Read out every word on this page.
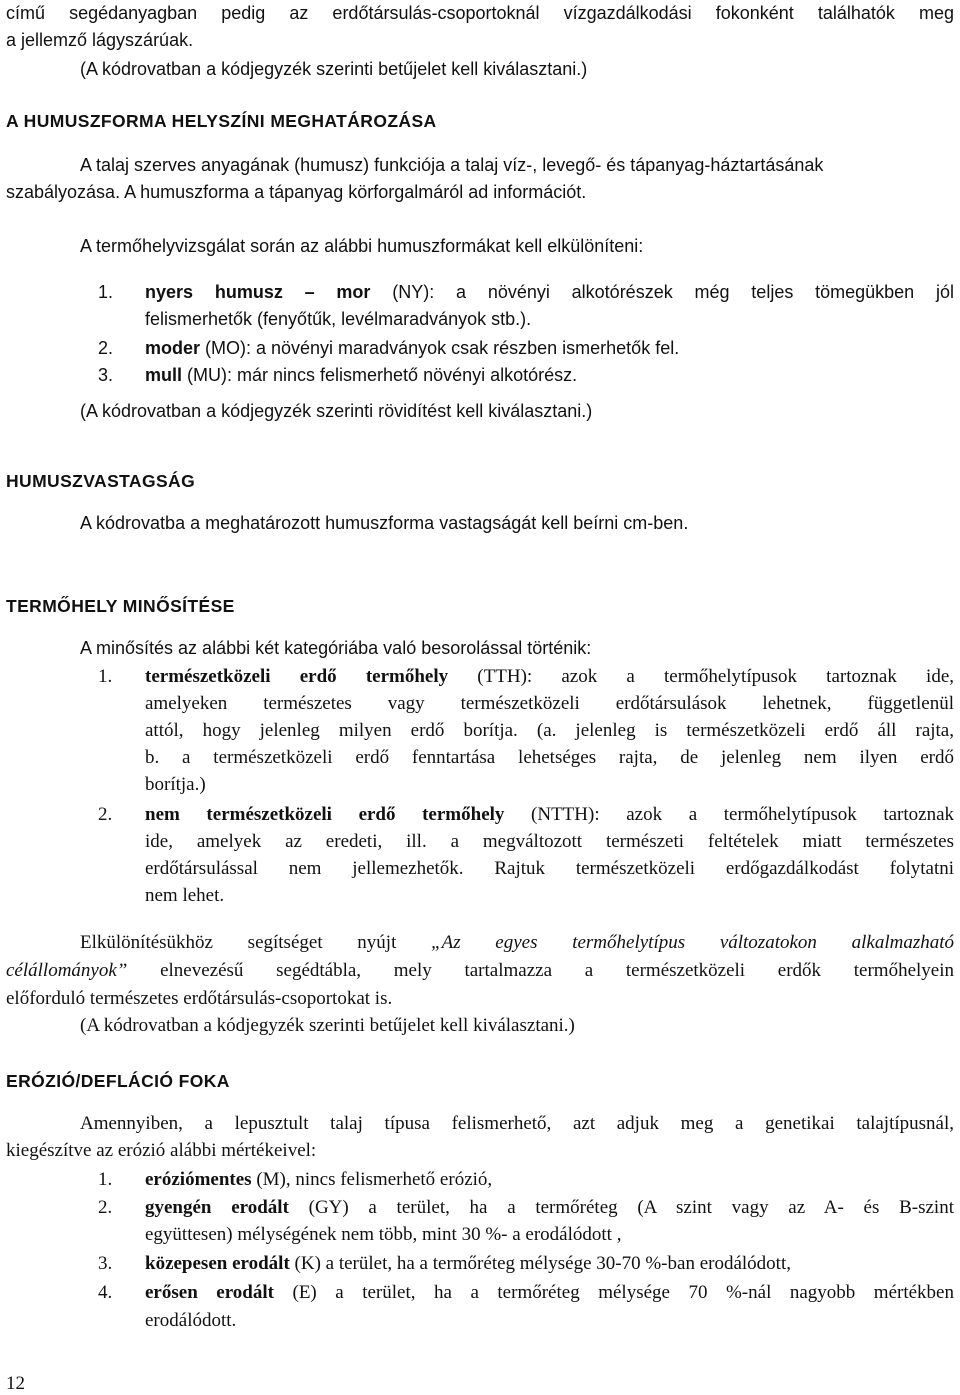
című segédanyagban pedig az erdőtársulás-csoportoknál vízgazdálkodási fokonként találhatók meg
a jellemző lágyszárúak.
(A kódrovatban a kódjegyzék szerinti betűjelet kell kiválasztani.)
A HUMUSZFORMA HELYSZÍNI MEGHATÁROZÁSA
A talaj szerves anyagának (humusz) funkciója a talaj víz-, levegő- és tápanyag-háztartásának
szabályozása. A humuszforma a tápanyag körforgalmáról ad információt.
A termőhelyvizsgálat során az alábbi humuszformákat kell elkülöníteni:
1. nyers humusz – mor (NY): a növényi alkotórészek még teljes tömegükben jól
felismerhetők (fenyőtűk, levélmaradványok stb.).
2. moder (MO): a növényi maradványok csak részben ismerhetők fel.
3. mull (MU): már nincs felismerhető növényi alkotórész.
(A kódrovatban a kódjegyzék szerinti rövidítést kell kiválasztani.)
HUMUSZVASTAGSÁG
A kódrovatba a meghatározott humuszforma vastagságát kell beírni cm-ben.
TERMŐHELY MINŐSÍTÉSE
A minősítés az alábbi két kategóriába való besorolással történik:
1. természetközeli erdő termőhely (TTH): azok a termőhelytípusok tartoznak ide,
amelyeken természetes vagy természetközeli erdőtársulások lehetnek, függetlenül
attól, hogy jelenleg milyen erdő borítja. (a. jelenleg is természetközeli erdő áll rajta,
b. a természetközeli erdő fenntartása lehetséges rajta, de jelenleg nem ilyen erdő
borítja.)
2. nem természetközeli erdő termőhely (NTTH): azok a termőhelytípusok tartoznak
ide, amelyek az eredeti, ill. a megváltozott természeti feltételek miatt természetes
erdőtársulással nem jellemezhetők. Rajtuk természetközeli erdőgazdálkodást folytatni
nem lehet.
Elkülönítésükhöz segítséget nyújt „Az egyes termőhelytípus változatokon alkalmazható
célállományok” elnevezésű segédtábla, mely tartalmazza a természetközeli erdők termőhelyein
előforduló természetes erdőtársulás-csoportokat is.
(A kódrovatban a kódjegyzék szerinti betűjelet kell kiválasztani.)
ERÓZIÓ/DEFLÁCIÓ FOKA
Amennyiben, a lepusztult talaj típusa felismerhető, azt adjuk meg a genetikai talajtípusnál,
kiegészítve az erózió alábbi mértékeivel:
1. eróziómentes (M), nincs felismerhető erózió,
2. gyengén erodált (GY) a terület, ha a termőréteg (A szint vagy az A- és B-szint
együttesen) mélységének nem több, mint 30 %- a erodálódott ,
3. közepesen erodált (K) a terület, ha a termőréteg mélysége 30-70 %-ban erodálódott,
4. erősen erodált (E) a terület, ha a termőréteg mélysége 70 %-nál nagyobb mértékben
erodálódott.
12
